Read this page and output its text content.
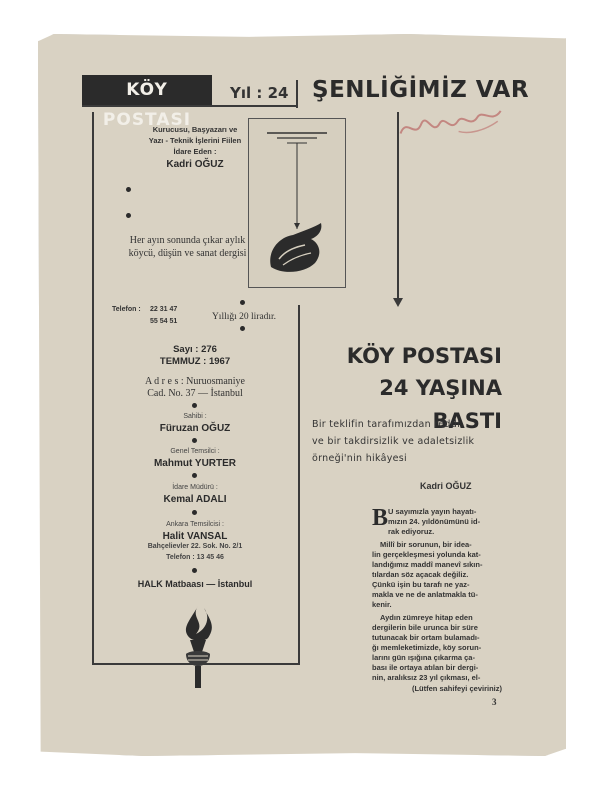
KÖY POSTASI
Yıl : 24 ŞENLİĞİMİZ VAR
Kurucusu, Başyazarı ve
Yazı - Teknik İşlerini Fiilen
İdare Eden :
Kadri OĞUZ
Her ayın sonunda çıkar aylık
köycü, düşün ve sanat dergisi
Telefon : 22 31 47
55 54 51	Yıllığı 20 liradır.
Sayı : 276
TEMMUZ : 1967
A d r e s : Nuruosmaniye
Cad. No. 37 — İstanbul
Sahibi :
Füruzan OĞUZ
Genel Temsilci :
Mahmut YURTER
İdare Müdürü :
Kemal ADALI
Ankara Temsilcisi :
Halit VANSAL
Bahçelievler 22. Sok. No. 2/1
Telefon : 13 45 46
HALK Matbaası — İstanbul
KÖY POSTASI
24 YAŞINA BASTI
Bir teklifin tarafımızdan reddi
ve bir takdirsizlik ve adaletsizlik
örneği'nin hikâyesi
Kadri OĞUZ
B U sayımızla yayın hayatı-
mızın 24. yıldönümünü id-
rak ediyoruz.
Millî bir sorunun, bir idea-
lin gerçekleşmesi yolunda kat-
landığımız maddî manevî sıkın-
tılardan söz açacak değiliz.
Çünkü işin bu tarafı ne yaz-
makla ve ne de anlatmakla tü-
kenir.
Aydın zümreye hitap eden
dergilerin bile urunca bir süre
tutunacak bir ortam bulamadı-
ğı memleketimizde, köy sorun-
larını gün ışığına çıkarma ça-
bası ile ortaya atılan bir dergi-
nin, aralıksız 23 yıl çıkması, el-
(Lütfen sahifeyi çeviriniz)
3
